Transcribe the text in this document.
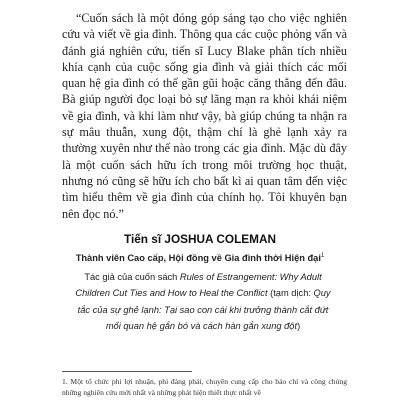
“Cuốn sách là một đóng góp sáng tạo cho việc nghiên cứu và viết về gia đình. Thông qua các cuộc phỏng vấn và đánh giá nghiên cứu, tiến sĩ Lucy Blake phân tích nhiều khía cạnh của cuộc sống gia đình và giải thích các mối quan hệ gia đình có thể gần gũi hoặc căng thẳng đến đâu. Bà giúp người đọc loại bỏ sự lãng mạn ra khỏi khái niệm về gia đình, và khi làm như vậy, bà giúp chúng ta nhận ra sự mâu thuẫn, xung đột, thậm chí là ghẻ lạnh xảy ra thường xuyên như thế nào trong các gia đình. Mặc dù đây là một cuốn sách hữu ích trong môi trường học thuật, nhưng nó cũng sẽ hữu ích cho bất kì ai quan tâm đến việc tìm hiểu thêm về gia đình của chính họ. Tôi khuyên bạn nên đọc nó.”

Tiến sĩ JOSHUA COLEMAN

Thành viên Cao cấp, Hội đồng về Gia đình thời Hiện đại$^1$

Tác giả của cuốn sách Rules of Estrangement: Why Adult Children Cut Ties and How to Heal the Conflict (tạm dịch: Quy tắc của sự ghẻ lạnh: Tại sao con cái khi trưởng thành cắt đứt mối quan hệ gắn bó và cách hàn gắn xung đột)

1. Một tổ chức phi lợi nhuận, phi đảng phái, chuyên cung cấp cho báo chí và công chúng những nghiên cứu mới nhất và những phát hiện thiết thực nhất về
